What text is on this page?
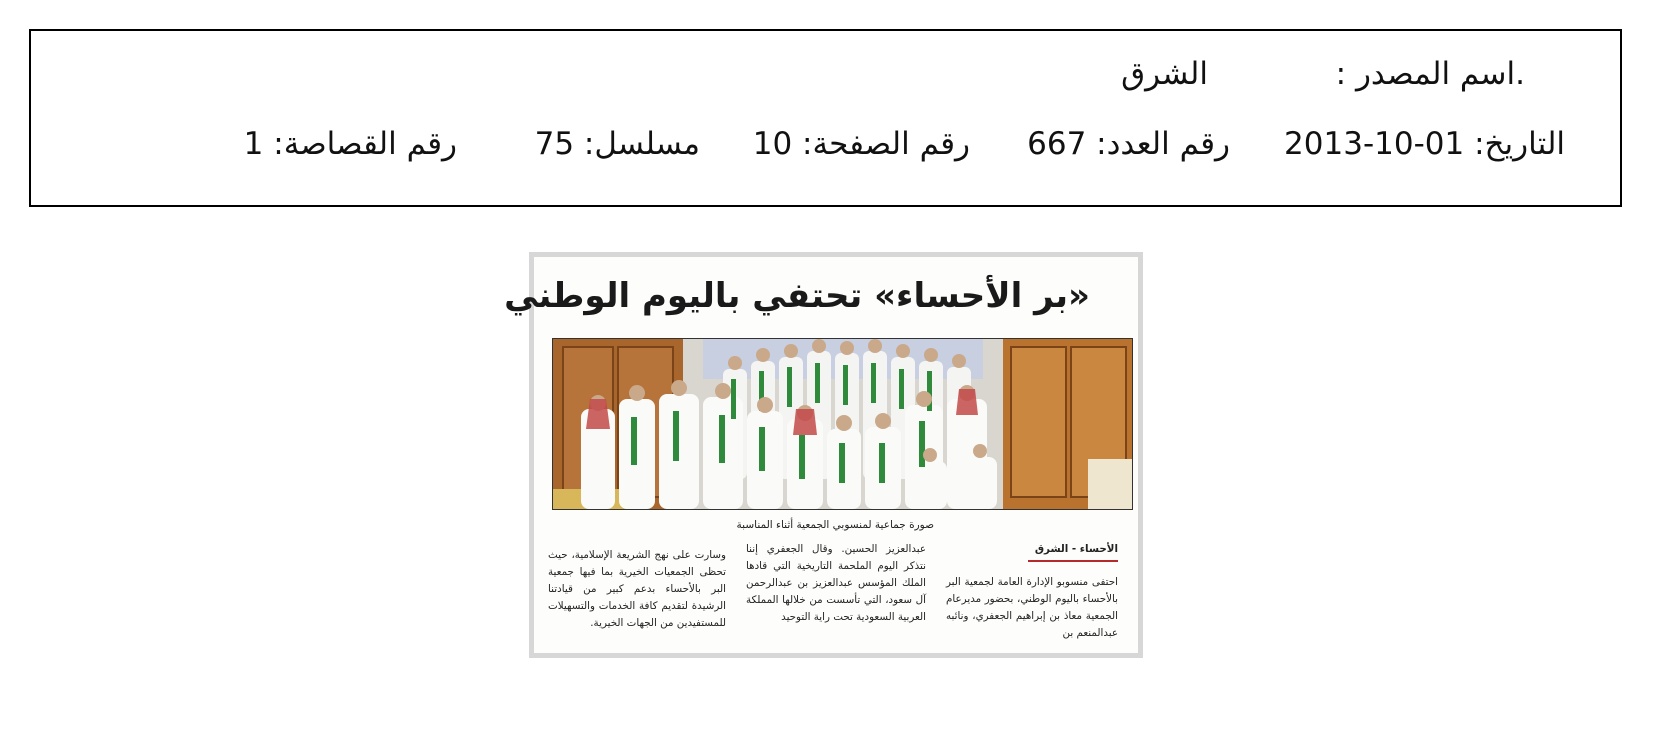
.اسم المصدر :
الشرق
التاريخ: 01-10-2013
رقم العدد: 667
رقم الصفحة: 10
مسلسل: 75
رقم القصاصة: 1
«بر الأحساء» تحتفي باليوم الوطني
صورة جماعية لمنسوبي الجمعية أثناء المناسبة
الأحساء - الشرق
احتفى منسوبو الإدارة العامة لجمعية البر بالأحساء باليوم الوطني، بحضور مديرعام الجمعية معاذ بن إبراهيم الجعفري، ونائبه عبدالمنعم بن
عبدالعزيز الحسين. وقال الجعفري إننا نتذكر اليوم الملحمة التاريخية التي قادها الملك المؤسس عبدالعزيز بن عبدالرحمن آل سعود، التي تأسست من خلالها المملكة العربية السعودية تحت راية التوحيد
وسارت على نهج الشريعة الإسلامية، حيث تحظى الجمعيات الخيرية بما فيها جمعية البر بالأحساء بدعم كبير من قيادتنا الرشيدة لتقديم كافة الخدمات والتسهيلات للمستفيدين من الجهات الخيرية.
